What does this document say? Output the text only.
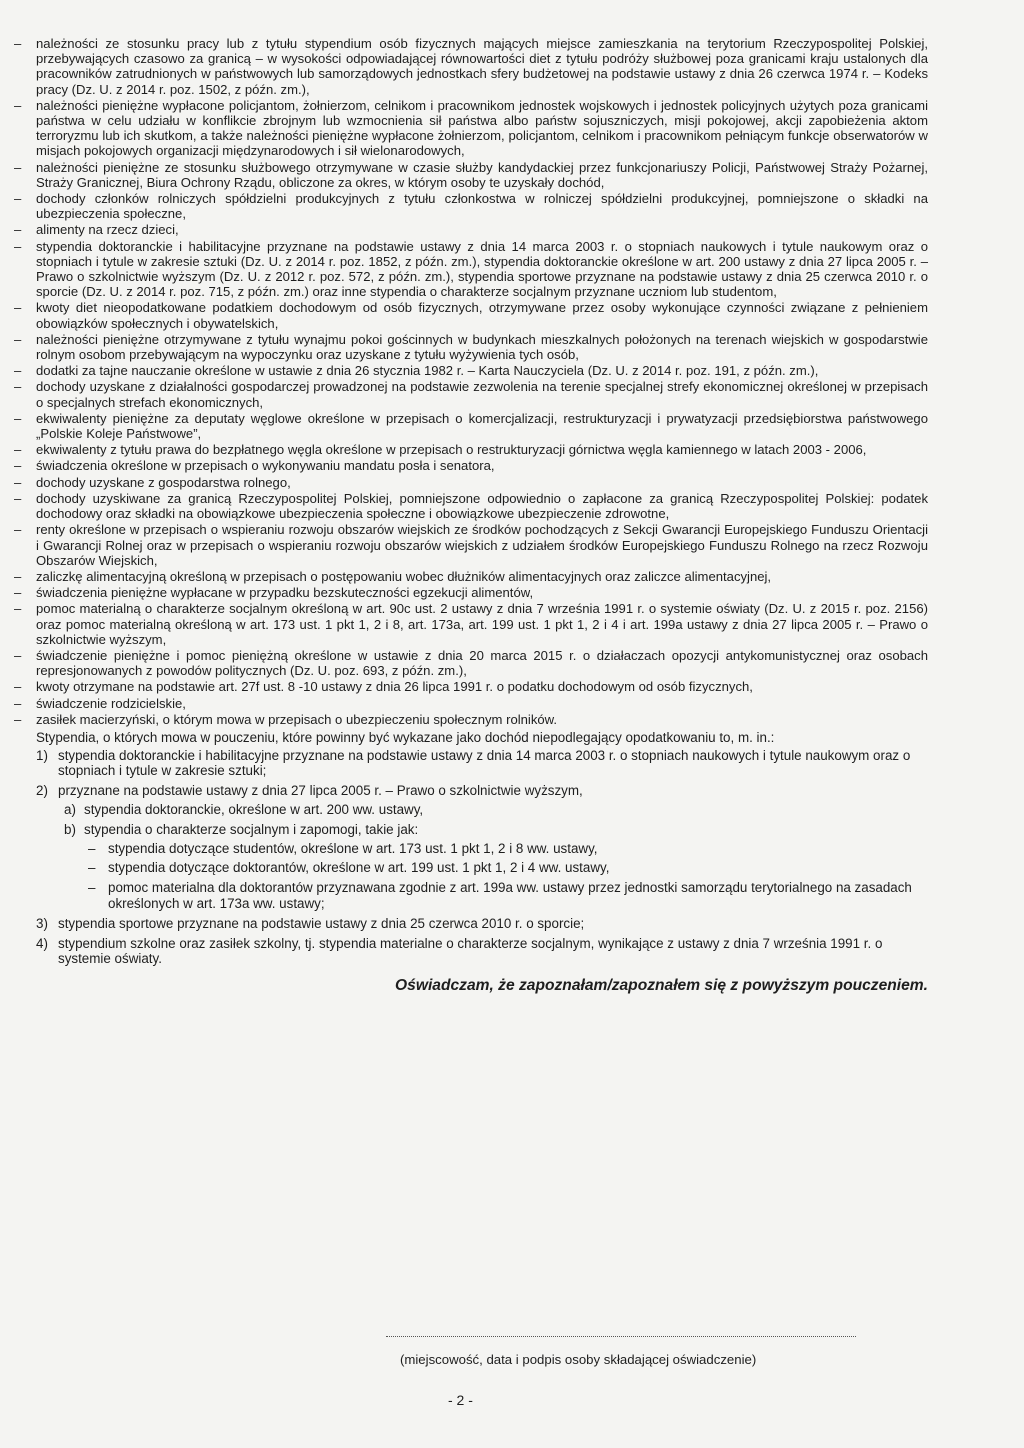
– należności ze stosunku pracy lub z tytułu stypendium osób fizycznych mających miejsce zamieszkania na terytorium Rzeczypospolitej Polskiej, przebywających czasowo za granicą – w wysokości odpowiadającej równowartości diet z tytułu podróży służbowej poza granicami kraju ustalonych dla pracowników zatrudnionych w państwowych lub samorządowych jednostkach sfery budżetowej na podstawie ustawy z dnia 26 czerwca 1974 r. – Kodeks pracy (Dz. U. z 2014 r. poz. 1502, z późn. zm.),
– należności pieniężne wypłacone policjantom, żołnierzom, celnikom i pracownikom jednostek wojskowych i jednostek policyjnych użytych poza granicami państwa w celu udziału w konflikcie zbrojnym lub wzmocnienia sił państwa albo państw sojuszniczych, misji pokojowej, akcji zapobieżenia aktom terroryzmu lub ich skutkom, a także należności pieniężne wypłacone żołnierzom, policjantom, celnikom i pracownikom pełniącym funkcje obserwatorów w misjach pokojowych organizacji międzynarodowych i sił wielonarodowych,
– należności pieniężne ze stosunku służbowego otrzymywane w czasie służby kandydackiej przez funkcjonariuszy Policji, Państwowej Straży Pożarnej, Straży Granicznej, Biura Ochrony Rządu, obliczone za okres, w którym osoby te uzyskały dochód,
– dochody członków rolniczych spółdzielni produkcyjnych z tytułu członkostwa w rolniczej spółdzielni produkcyjnej, pomniejszone o składki na ubezpieczenia społeczne,
– alimenty na rzecz dzieci,
– stypendia doktoranckie i habilitacyjne przyznane na podstawie ustawy z dnia 14 marca 2003 r. o stopniach naukowych i tytule naukowym oraz o stopniach i tytule w zakresie sztuki (Dz. U. z 2014 r. poz. 1852, z późn. zm.), stypendia doktoranckie określone w art. 200 ustawy z dnia 27 lipca 2005 r. – Prawo o szkolnictwie wyższym (Dz. U. z 2012 r. poz. 572, z późn. zm.), stypendia sportowe przyznane na podstawie ustawy z dnia 25 czerwca 2010 r. o sporcie (Dz. U. z 2014 r. poz. 715, z późn. zm.) oraz inne stypendia o charakterze socjalnym przyznane uczniom lub studentom,
– kwoty diet nieopodatkowane podatkiem dochodowym od osób fizycznych, otrzymywane przez osoby wykonujące czynności związane z pełnieniem obowiązków społecznych i obywatelskich,
– należności pieniężne otrzymywane z tytułu wynajmu pokoi gościnnych w budynkach mieszkalnych położonych na terenach wiejskich w gospodarstwie rolnym osobom przebywającym na wypoczynku oraz uzyskane z tytułu wyżywienia tych osób,
– dodatki za tajne nauczanie określone w ustawie z dnia 26 stycznia 1982 r. – Karta Nauczyciela (Dz. U. z 2014 r. poz. 191, z późn. zm.),
– dochody uzyskane z działalności gospodarczej prowadzonej na podstawie zezwolenia na terenie specjalnej strefy ekonomicznej określonej w przepisach o specjalnych strefach ekonomicznych,
– ekwiwalenty pieniężne za deputaty węglowe określone w przepisach o komercjalizacji, restrukturyzacji i prywatyzacji przedsiębiorstwa państwowego „Polskie Koleje Państwowe”,
– ekwiwalenty z tytułu prawa do bezpłatnego węgla określone w przepisach o restrukturyzacji górnictwa węgla kamiennego w latach 2003 - 2006,
– świadczenia określone w przepisach o wykonywaniu mandatu posła i senatora,
– dochody uzyskane z gospodarstwa rolnego,
– dochody uzyskiwane za granicą Rzeczypospolitej Polskiej, pomniejszone odpowiednio o zapłacone za granicą Rzeczypospolitej Polskiej: podatek dochodowy oraz składki na obowiązkowe ubezpieczenia społeczne i obowiązkowe ubezpieczenie zdrowotne,
– renty określone w przepisach o wspieraniu rozwoju obszarów wiejskich ze środków pochodzących z Sekcji Gwarancji Europejskiego Funduszu Orientacji i Gwarancji Rolnej oraz w przepisach o wspieraniu rozwoju obszarów wiejskich z udziałem środków Europejskiego Funduszu Rolnego na rzecz Rozwoju Obszarów Wiejskich,
– zaliczkę alimentacyjną określoną w przepisach o postępowaniu wobec dłużników alimentacyjnych oraz zaliczce alimentacyjnej,
– świadczenia pieniężne wypłacane w przypadku bezskuteczności egzekucji alimentów,
– pomoc materialną o charakterze socjalnym określoną w art. 90c ust. 2 ustawy z dnia 7 września 1991 r. o systemie oświaty (Dz. U. z 2015 r. poz. 2156) oraz pomoc materialną określoną w art. 173 ust. 1 pkt 1, 2 i 8, art. 173a, art. 199 ust. 1 pkt 1, 2 i 4 i art. 199a ustawy z dnia 27 lipca 2005 r. – Prawo o szkolnictwie wyższym,
– świadczenie pieniężne i pomoc pieniężną określone w ustawie z dnia 20 marca 2015 r. o działaczach opozycji antykomunistycznej oraz osobach represjonowanych z powodów politycznych (Dz. U. poz. 693, z późn. zm.),
– kwoty otrzymane na podstawie art. 27f ust. 8 -10 ustawy z dnia 26 lipca 1991 r. o podatku dochodowym od osób fizycznych,
– świadczenie rodzicielskie,
– zasiłek macierzyński, o którym mowa w przepisach o ubezpieczeniu społecznym rolników.

Stypendia, o których mowa w pouczeniu, które powinny być wykazane jako dochód niepodlegający opodatkowaniu to, m. in.:

1) stypendia doktoranckie i habilitacyjne przyznane na podstawie ustawy z dnia 14 marca 2003 r. o stopniach naukowych i tytule naukowym oraz o stopniach i tytule w zakresie sztuki;
2) przyznane na podstawie ustawy z dnia 27 lipca 2005 r. – Prawo o szkolnictwie wyższym,
a) stypendia doktoranckie, określone w art. 200 ww. ustawy,
b) stypendia o charakterze socjalnym i zapomogi, takie jak:
– stypendia dotyczące studentów, określone w art. 173 ust. 1 pkt 1, 2 i 8 ww. ustawy,
– stypendia dotyczące doktorantów, określone w art. 199 ust. 1 pkt 1, 2 i 4 ww. ustawy,
– pomoc materialna dla doktorantów przyznawana zgodnie z art. 199a ww. ustawy przez jednostki samorządu terytorialnego na zasadach określonych w art. 173a ww. ustawy;
3) stypendia sportowe przyznane na podstawie ustawy z dnia 25 czerwca 2010 r. o sporcie;
4) stypendium szkolne oraz zasiłek szkolny, tj. stypendia materialne o charakterze socjalnym, wynikające z ustawy z dnia 7 września 1991 r. o systemie oświaty.

Oświadczam, że zapoznałam/zapoznałem się z powyższym pouczeniem.

(miejscowość, data i podpis osoby składającej oświadczenie)
- 2 -
